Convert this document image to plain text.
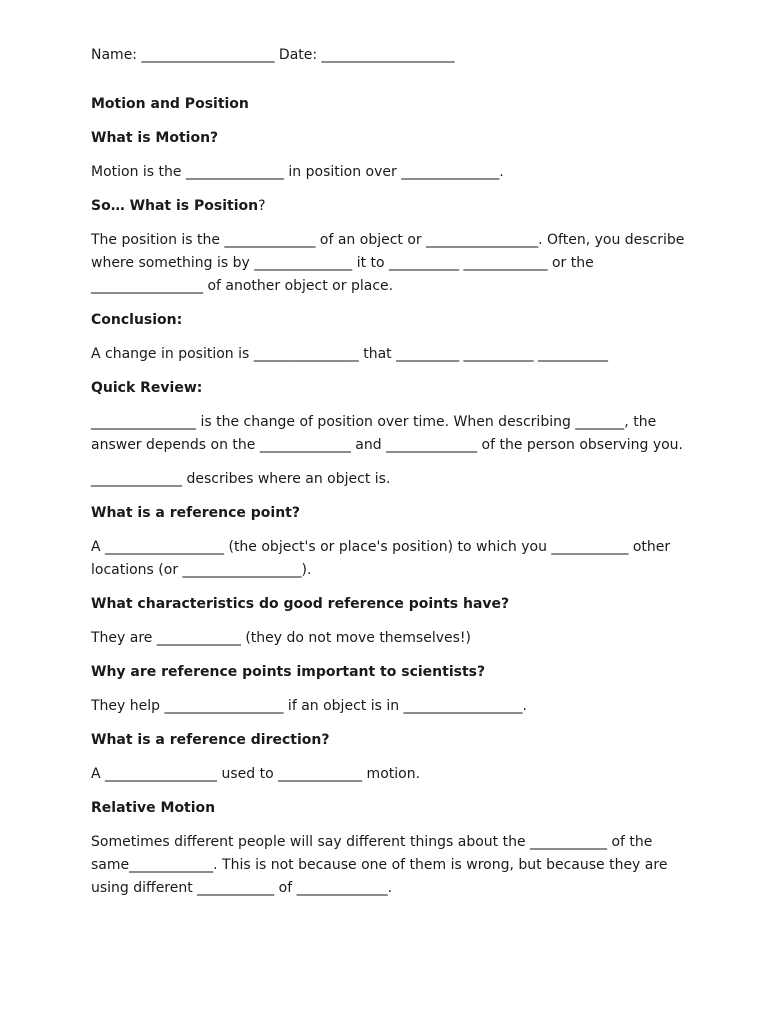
Name: ___________________ Date: ___________________

Motion and Position

What is Motion?

Motion is the ______________ in position over ______________.

So… What is Position?

The position is the _____________ of an object or ________________. Often, you describe where something is by ______________ it to __________ ____________ or the ________________ of another object or place.

Conclusion:

A change in position is _______________ that _________ __________ __________

Quick Review:

_______________ is the change of position over time. When describing _______, the answer depends on the _____________ and _____________ of the person observing you.

_____________ describes where an object is.

What is a reference point?

A _________________ (the object's or place's position) to which you ___________ other locations (or _________________).

What characteristics do good reference points have?

They are ____________ (they do not move themselves!)

Why are reference points important to scientists?

They help _________________ if an object is in _________________.

What is a reference direction?

A ________________ used to ____________ motion.

Relative Motion

Sometimes different people will say different things about the ___________ of the same____________. This is not because one of them is wrong, but because they are using different ___________ of _____________.
